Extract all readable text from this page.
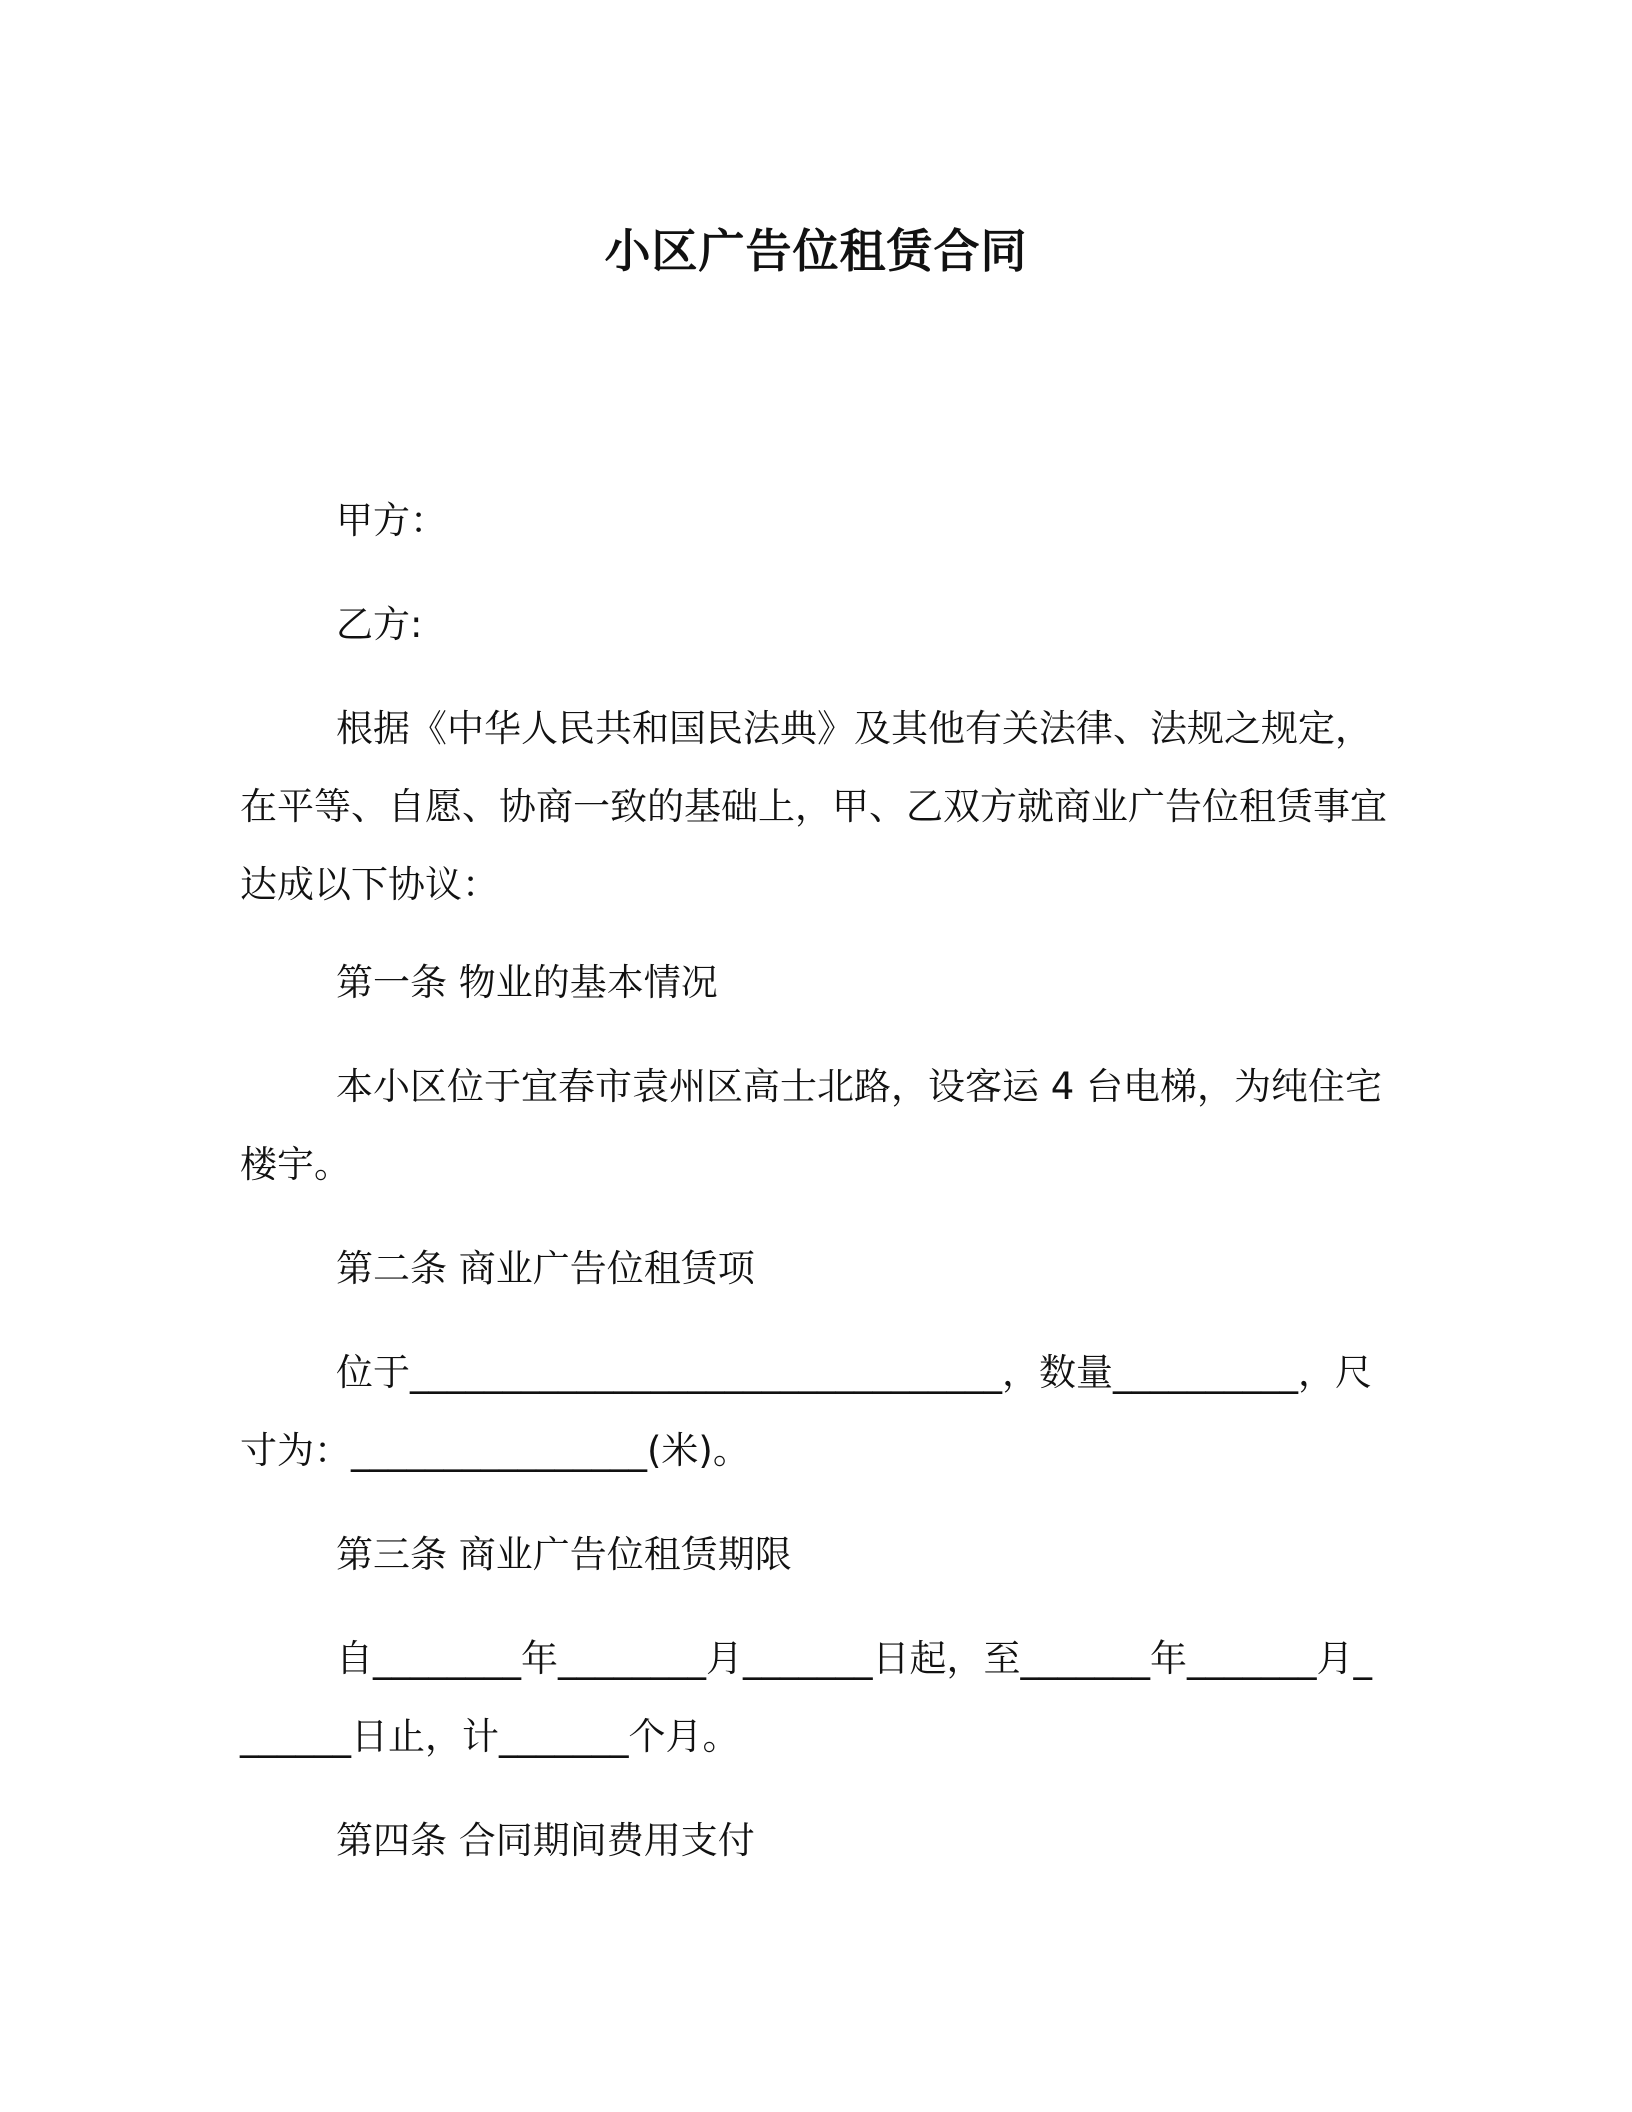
小区广告位租赁合同

甲方：

乙方:

根据《中华人民共和国民法典》及其他有关法律、法规之规定，在平等、自愿、协商一致的基础上，甲、乙双方就商业广告位租赁事宜达成以下协议：

第一条 物业的基本情况

本小区位于宜春市袁州区高士北路，设客运 4 台电梯，为纯住宅楼宇。

第二条 商业广告位租赁项

位于________________________________，数量__________，尺寸为：________________(米)。

第三条 商业广告位租赁期限

自________年________月_______日起，至_______年_______月_______日止，计_______个月。

第四条 合同期间费用支付
